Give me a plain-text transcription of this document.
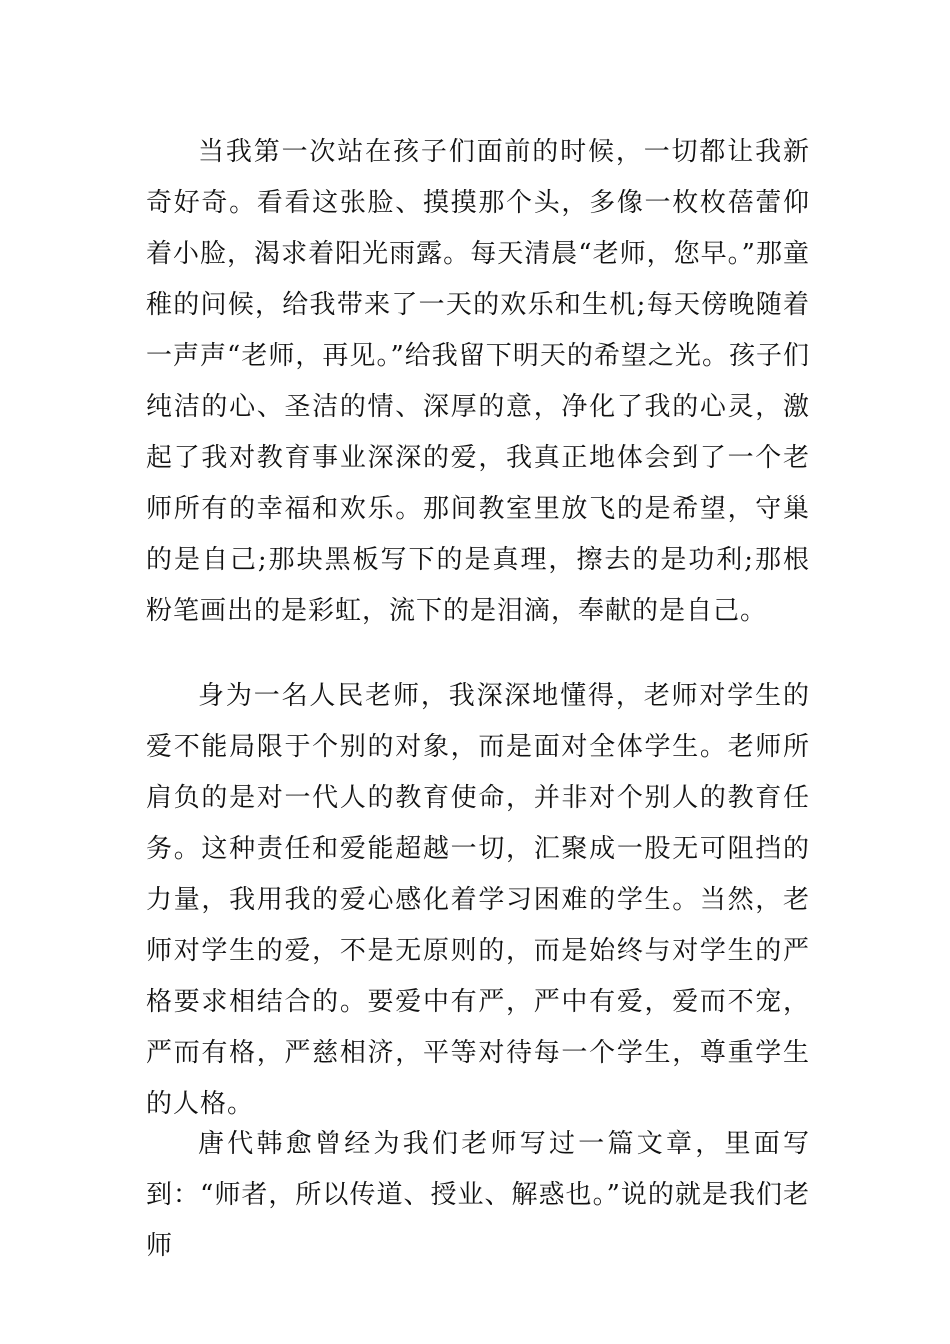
当我第一次站在孩子们面前的时候，一切都让我新奇好奇。看看这张脸、摸摸那个头，多像一枚枚蓓蕾仰着小脸，渴求着阳光雨露。每天清晨“老师，您早。”那童稚的问候，给我带来了一天的欢乐和生机;每天傍晚随着一声声“老师，再见。”给我留下明天的希望之光。孩子们纯洁的心、圣洁的情、深厚的意，净化了我的心灵，激起了我对教育事业深深的爱，我真正地体会到了一个老师所有的幸福和欢乐。那间教室里放飞的是希望，守巢的是自己;那块黑板写下的是真理，擦去的是功利;那根粉笔画出的是彩虹，流下的是泪滴，奉献的是自己。

身为一名人民老师，我深深地懂得，老师对学生的爱不能局限于个别的对象，而是面对全体学生。老师所肩负的是对一代人的教育使命，并非对个别人的教育任务。这种责任和爱能超越一切，汇聚成一股无可阻挡的力量，我用我的爱心感化着学习困难的学生。当然，老师对学生的爱，不是无原则的，而是始终与对学生的严格要求相结合的。要爱中有严，严中有爱，爱而不宠，严而有格，严慈相济，平等对待每一个学生，尊重学生的人格。

唐代韩愈曾经为我们老师写过一篇文章，里面写到：“师者，所以传道、授业、解惑也。”说的就是我们老师
